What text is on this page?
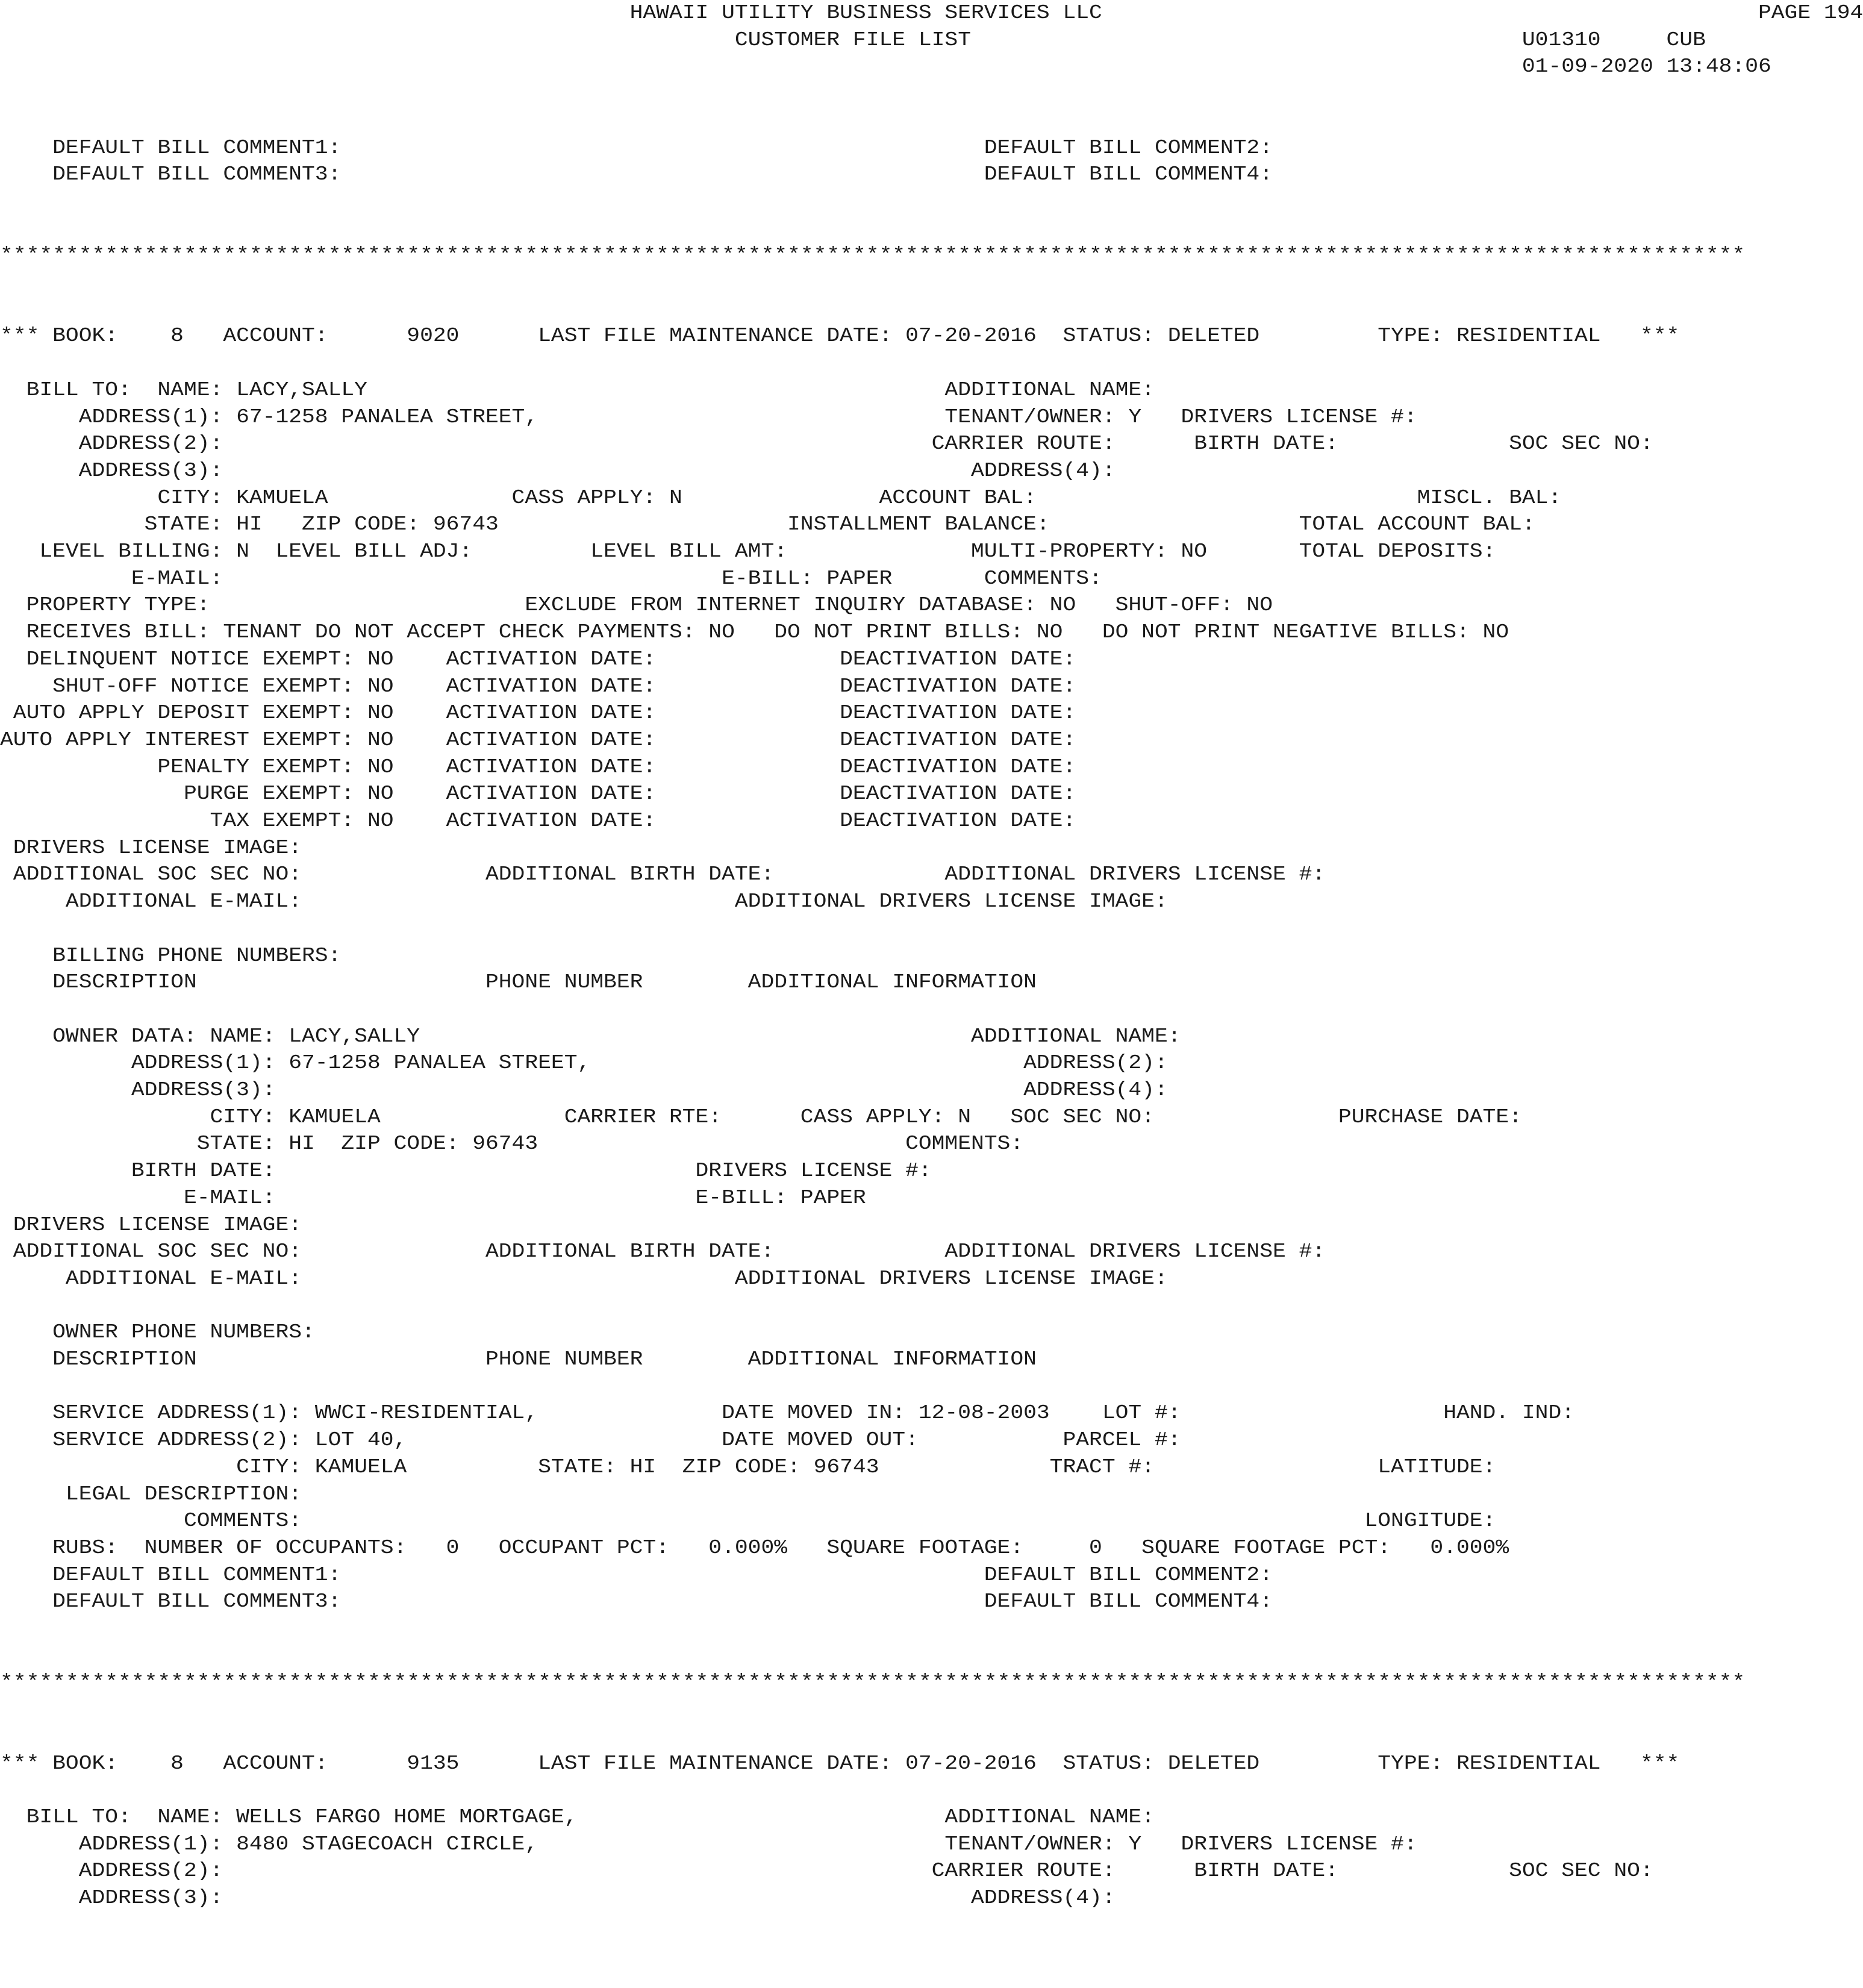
HAWAII UTILITY BUSINESS SERVICES LLC                                                  PAGE 194
CUSTOMER FILE LIST                                          U01310     CUB
01-09-2020 13:48:06
DEFAULT BILL COMMENT1:                                                 DEFAULT BILL COMMENT2:
DEFAULT BILL COMMENT3:                                                 DEFAULT BILL COMMENT4:
*************************************************************************************************************************************
*** BOOK:    8   ACCOUNT:      9020      LAST FILE MAINTENANCE DATE: 07-20-2016  STATUS: DELETED         TYPE: RESIDENTIAL   ***
BILL TO:  NAME: LACY,SALLY                                            ADDITIONAL NAME:
ADDRESS(1): 67-1258 PANALEA STREET,                               TENANT/OWNER: Y   DRIVERS LICENSE #:
ADDRESS(2):                                                      CARRIER ROUTE:      BIRTH DATE:             SOC SEC NO:
ADDRESS(3):                                                         ADDRESS(4):
CITY: KAMUELA              CASS APPLY: N               ACCOUNT BAL:                             MISCL. BAL:
STATE: HI   ZIP CODE: 96743                      INSTALLMENT BALANCE:                   TOTAL ACCOUNT BAL:
LEVEL BILLING: N  LEVEL BILL ADJ:         LEVEL BILL AMT:              MULTI-PROPERTY: NO       TOTAL DEPOSITS:
E-MAIL:                                      E-BILL: PAPER       COMMENTS:
PROPERTY TYPE:                        EXCLUDE FROM INTERNET INQUIRY DATABASE: NO   SHUT-OFF: NO
RECEIVES BILL: TENANT DO NOT ACCEPT CHECK PAYMENTS: NO   DO NOT PRINT BILLS: NO   DO NOT PRINT NEGATIVE BILLS: NO
DELINQUENT NOTICE EXEMPT: NO    ACTIVATION DATE:              DEACTIVATION DATE:
SHUT-OFF NOTICE EXEMPT: NO    ACTIVATION DATE:              DEACTIVATION DATE:
AUTO APPLY DEPOSIT EXEMPT: NO    ACTIVATION DATE:              DEACTIVATION DATE:
AUTO APPLY INTEREST EXEMPT: NO    ACTIVATION DATE:              DEACTIVATION DATE:
PENALTY EXEMPT: NO    ACTIVATION DATE:              DEACTIVATION DATE:
PURGE EXEMPT: NO    ACTIVATION DATE:              DEACTIVATION DATE:
TAX EXEMPT: NO    ACTIVATION DATE:              DEACTIVATION DATE:
DRIVERS LICENSE IMAGE:
ADDITIONAL SOC SEC NO:              ADDITIONAL BIRTH DATE:             ADDITIONAL DRIVERS LICENSE #:
ADDITIONAL E-MAIL:                                 ADDITIONAL DRIVERS LICENSE IMAGE:
BILLING PHONE NUMBERS:
DESCRIPTION                      PHONE NUMBER        ADDITIONAL INFORMATION
OWNER DATA: NAME: LACY,SALLY                                          ADDITIONAL NAME:
ADDRESS(1): 67-1258 PANALEA STREET,                                 ADDRESS(2):
ADDRESS(3):                                                         ADDRESS(4):
CITY: KAMUELA              CARRIER RTE:      CASS APPLY: N   SOC SEC NO:              PURCHASE DATE:
STATE: HI  ZIP CODE: 96743                            COMMENTS:
BIRTH DATE:                                DRIVERS LICENSE #:
E-MAIL:                                E-BILL: PAPER
DRIVERS LICENSE IMAGE:
ADDITIONAL SOC SEC NO:              ADDITIONAL BIRTH DATE:             ADDITIONAL DRIVERS LICENSE #:
ADDITIONAL E-MAIL:                                 ADDITIONAL DRIVERS LICENSE IMAGE:
OWNER PHONE NUMBERS:
DESCRIPTION                      PHONE NUMBER        ADDITIONAL INFORMATION
SERVICE ADDRESS(1): WWCI-RESIDENTIAL,              DATE MOVED IN: 12-08-2003    LOT #:                    HAND. IND:
SERVICE ADDRESS(2): LOT 40,                        DATE MOVED OUT:           PARCEL #:
CITY: KAMUELA          STATE: HI  ZIP CODE: 96743             TRACT #:                 LATITUDE:
LEGAL DESCRIPTION:
COMMENTS:                                                                                 LONGITUDE:
RUBS:  NUMBER OF OCCUPANTS:   0   OCCUPANT PCT:   0.000%   SQUARE FOOTAGE:     0   SQUARE FOOTAGE PCT:   0.000%
DEFAULT BILL COMMENT1:                                                 DEFAULT BILL COMMENT2:
DEFAULT BILL COMMENT3:                                                 DEFAULT BILL COMMENT4:
*************************************************************************************************************************************
*** BOOK:    8   ACCOUNT:      9135      LAST FILE MAINTENANCE DATE: 07-20-2016  STATUS: DELETED         TYPE: RESIDENTIAL   ***
BILL TO:  NAME: WELLS FARGO HOME MORTGAGE,                            ADDITIONAL NAME:
ADDRESS(1): 8480 STAGECOACH CIRCLE,                               TENANT/OWNER: Y   DRIVERS LICENSE #:
ADDRESS(2):                                                      CARRIER ROUTE:      BIRTH DATE:             SOC SEC NO:
ADDRESS(3):                                                         ADDRESS(4):
